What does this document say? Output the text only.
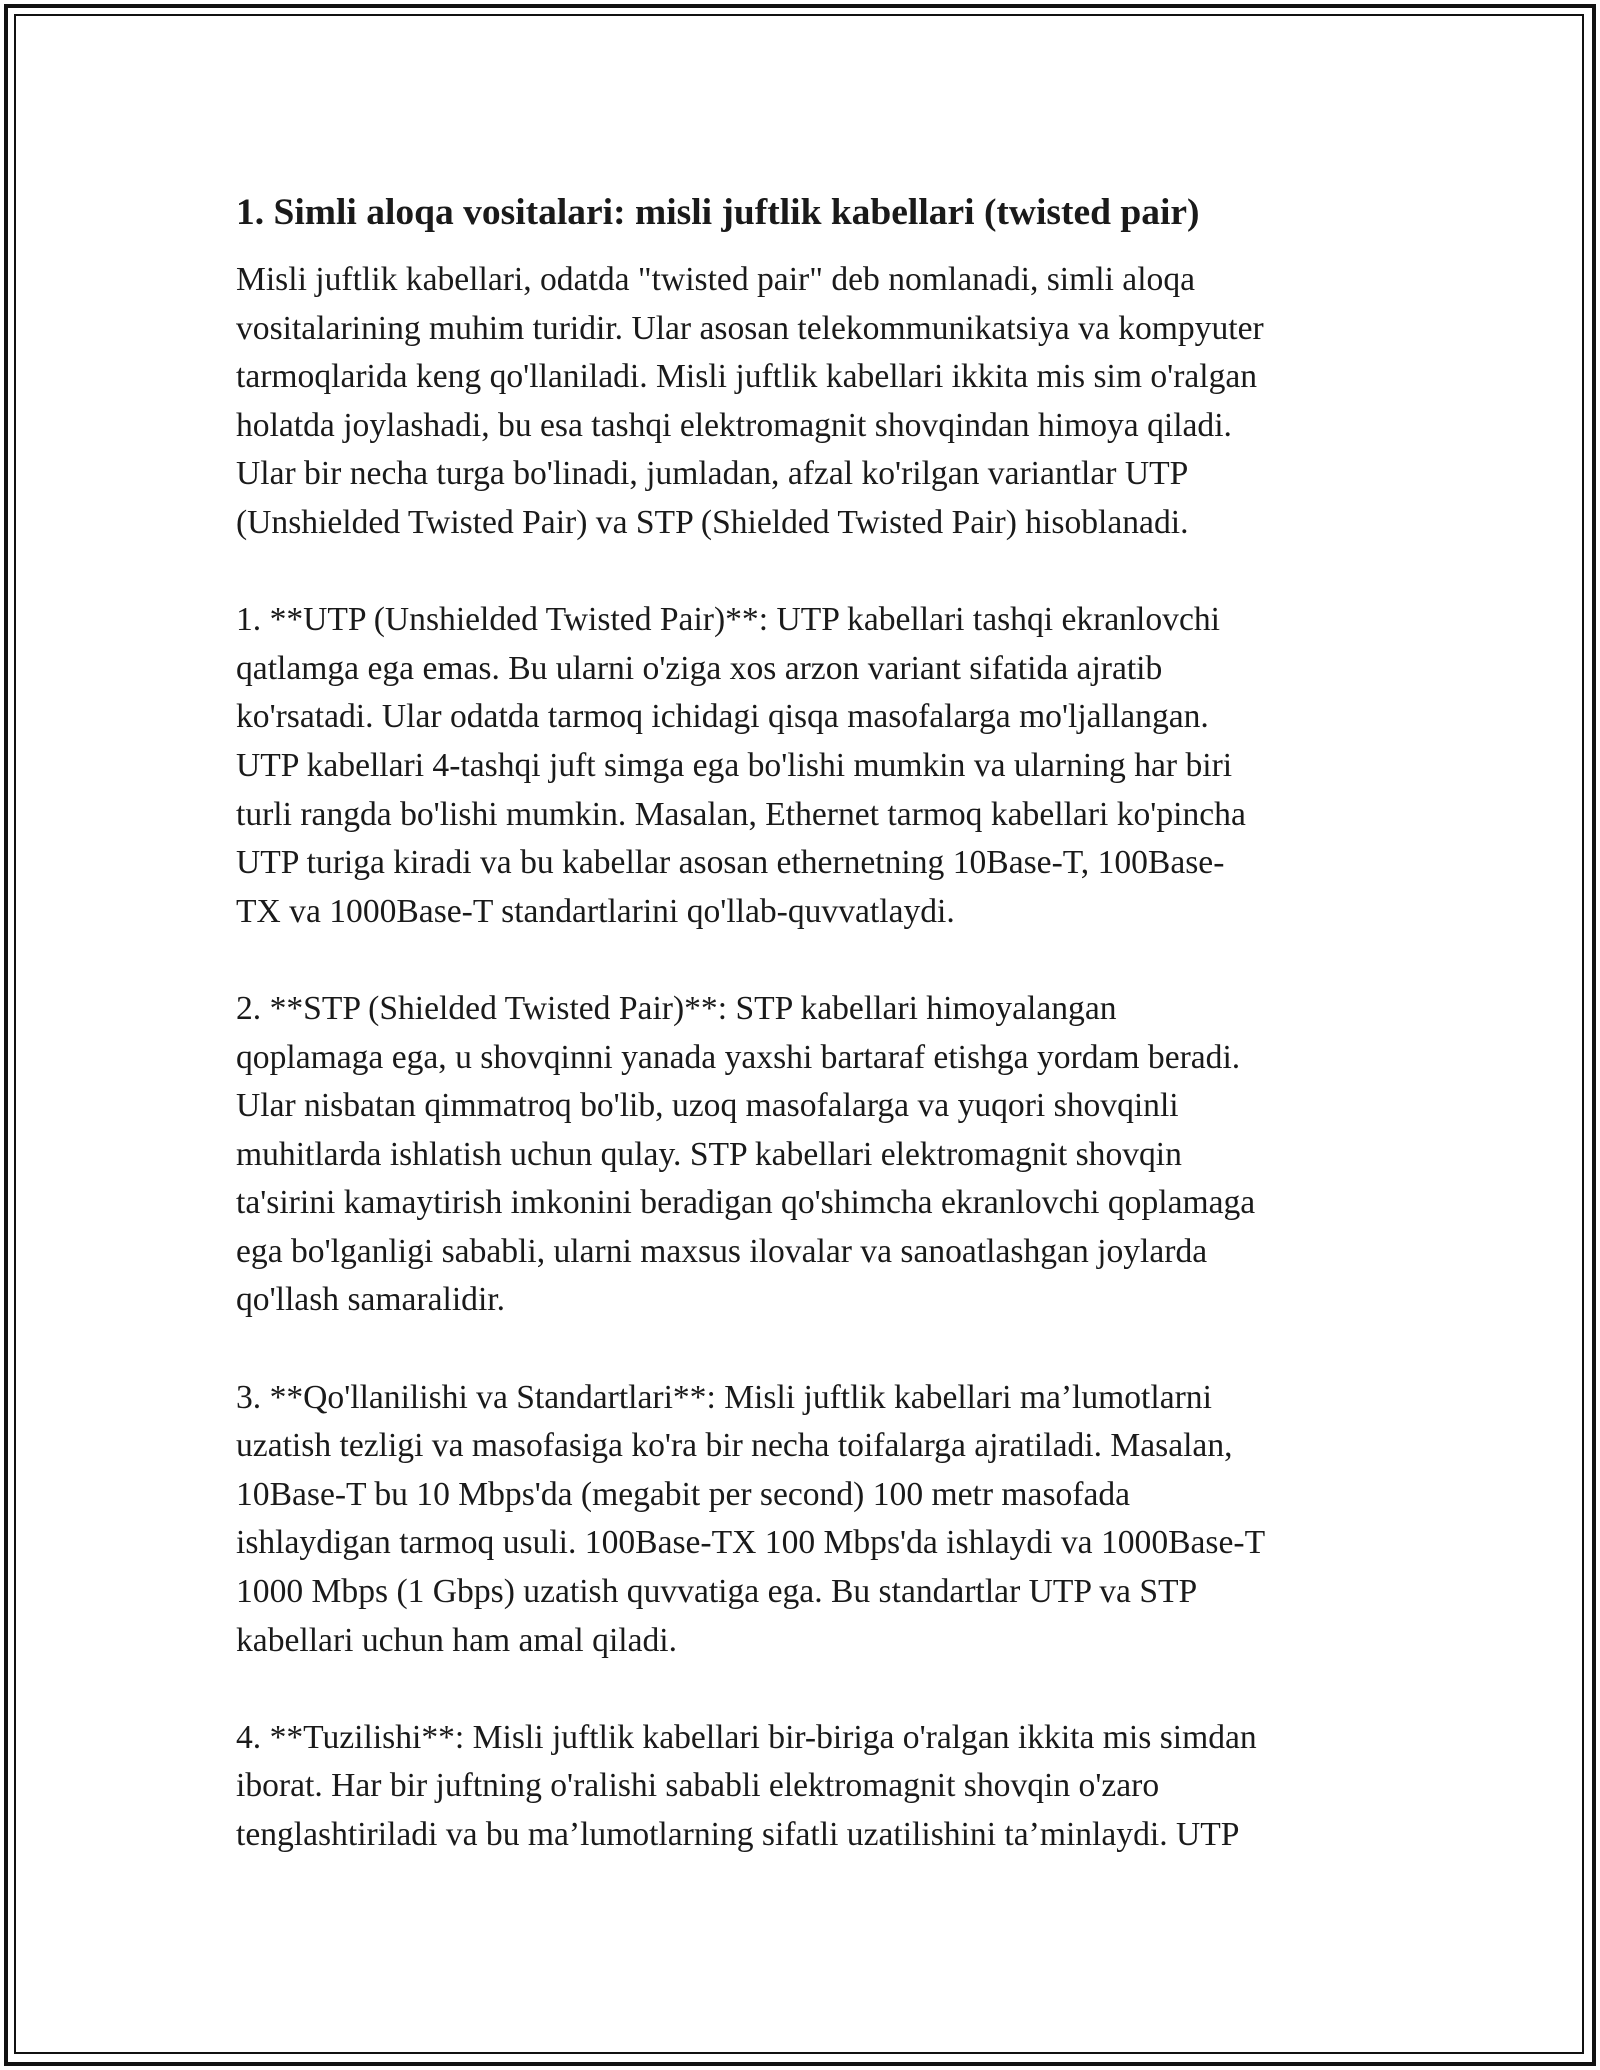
1. Simli aloqa vositalari: misli juftlik kabellari (twisted pair)

Misli juftlik kabellari, odatda "twisted pair" deb nomlanadi, simli aloqa
vositalarining muhim turidir. Ular asosan telekommunikatsiya va kompyuter
tarmoqlarida keng qo'llaniladi. Misli juftlik kabellari ikkita mis sim o'ralgan
holatda joylashadi, bu esa tashqi elektromagnit shovqindan himoya qiladi.
Ular bir necha turga bo'linadi, jumladan, afzal ko'rilgan variantlar UTP
(Unshielded Twisted Pair) va STP (Shielded Twisted Pair) hisoblanadi.

1. **UTP (Unshielded Twisted Pair)**: UTP kabellari tashqi ekranlovchi
qatlamga ega emas. Bu ularni o'ziga xos arzon variant sifatida ajratib
ko'rsatadi. Ular odatda tarmoq ichidagi qisqa masofalarga mo'ljallangan.
UTP kabellari 4-tashqi juft simga ega bo'lishi mumkin va ularning har biri
turli rangda bo'lishi mumkin. Masalan, Ethernet tarmoq kabellari ko'pincha
UTP turiga kiradi va bu kabellar asosan ethernetning 10Base-T, 100Base-
TX va 1000Base-T standartlarini qo'llab-quvvatlaydi.

2. **STP (Shielded Twisted Pair)**: STP kabellari himoyalangan
qoplamaga ega, u shovqinni yanada yaxshi bartaraf etishga yordam beradi.
Ular nisbatan qimmatroq bo'lib, uzoq masofalarga va yuqori shovqinli
muhitlarda ishlatish uchun qulay. STP kabellari elektromagnit shovqin
ta'sirini kamaytirish imkonini beradigan qo'shimcha ekranlovchi qoplamaga
ega bo'lganligi sababli, ularni maxsus ilovalar va sanoatlashgan joylarda
qo'llash samaralidir.

3. **Qo'llanilishi va Standartlari**: Misli juftlik kabellari ma’lumotlarni
uzatish tezligi va masofasiga ko'ra bir necha toifalarga ajratiladi. Masalan,
10Base-T bu 10 Mbps'da (megabit per second) 100 metr masofada
ishlaydigan tarmoq usuli. 100Base-TX 100 Mbps'da ishlaydi va 1000Base-T
1000 Mbps (1 Gbps) uzatish quvvatiga ega. Bu standartlar UTP va STP
kabellari uchun ham amal qiladi.

4. **Tuzilishi**: Misli juftlik kabellari bir-biriga o'ralgan ikkita mis simdan
iborat. Har bir juftning o'ralishi sababli elektromagnit shovqin o'zaro
tenglashtiriladi va bu ma’lumotlarning sifatli uzatilishini ta’minlaydi. UTP
